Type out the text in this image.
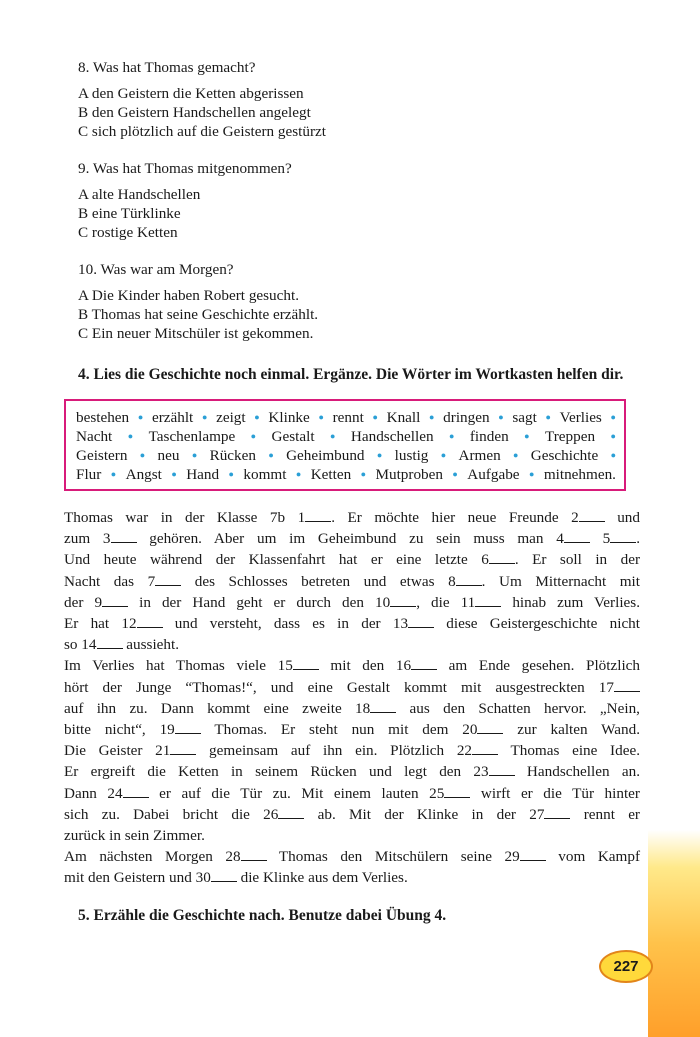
8. Was hat Thomas gemacht?

A den Geistern die Ketten abgerissen

B den Geistern Handschellen angelegt

C sich plötzlich auf die Geistern gestürzt

9. Was hat Thomas mitgenommen?

A alte Handschellen

B eine Türklinke

C rostige Ketten

10. Was war am Morgen?

A Die Kinder haben Robert gesucht.

B Thomas hat seine Geschichte erzählt.

C Ein neuer Mitschüler ist gekommen.

4. Lies die Geschichte noch einmal. Ergänze. Die Wörter im Wortkasten helfen dir.
bestehen ● erzählt ● zeigt ● Klinke ● rennt ● Knall ● dringen ● sagt ● Verlies ●
Nacht ● Taschenlampe ● Gestalt ● Handschellen ● finden ● Treppen ●
Geistern ● neu ● Rücken ● Geheimbund ● lustig ● Armen ● Geschichte ●
Flur ● Angst ● Hand ● kommt ● Ketten ● Mutproben ● Aufgabe ● mitnehmen.

Thomas war in der Klasse 7b 1 . Er möchte hier neue Freunde 2 und

zum 3 gehören. Aber um im Geheimbund zu sein muss man 4 5 .

Und heute während der Klassenfahrt hat er eine letzte 6 . Er soll in der

Nacht das 7 des Schlosses betreten und etwas 8 . Um Mitternacht mit

der 9 in der Hand geht er durch den 10 , die 11 hinab zum Verlies.

Er hat 12 und versteht, dass es in der 13 diese Geistergeschichte nicht

so 14 aussieht.

Im Verlies hat Thomas viele 15 mit den 16 am Ende gesehen. Plötzlich

hört der Junge “Thomas!“, und eine Gestalt kommt mit ausgestreckten 17

auf ihn zu. Dann kommt eine zweite 18 aus den Schatten hervor. „Nein,

bitte nicht“, 19 Thomas. Er steht nun mit dem 20 zur kalten Wand.

Die Geister 21 gemeinsam auf ihn ein. Plötzlich 22 Thomas eine Idee.

Er ergreift die Ketten in seinem Rücken und legt den 23 Handschellen an.

Dann 24 er auf die Tür zu. Mit einem lauten 25 wirft er die Tür hinter

sich zu. Dabei bricht die 26 ab. Mit der Klinke in der 27 rennt er

zurück in sein Zimmer.

Am nächsten Morgen 28 Thomas den Mitschülern seine 29 vom Kampf

mit den Geistern und 30 die Klinke aus dem Verlies.

5. Erzähle die Geschichte nach. Benutze dabei Übung 4.
227
